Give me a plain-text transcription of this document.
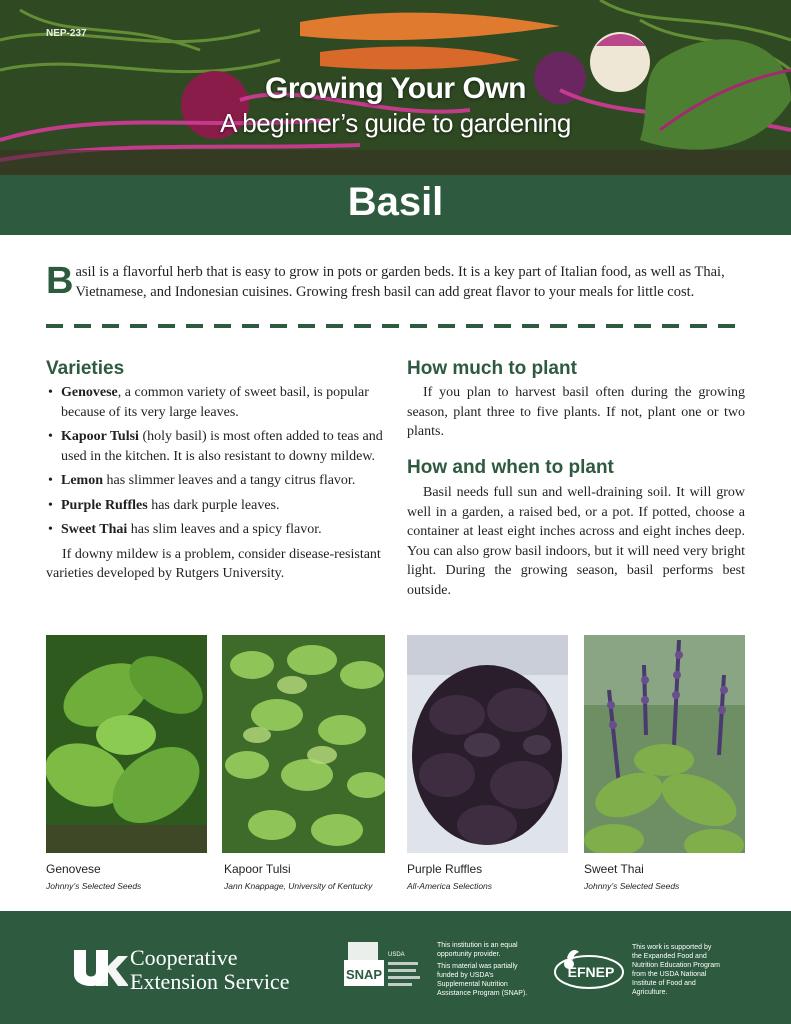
NEP-237
Growing Your Own
A beginner’s guide to gardening
Basil
Basil is a flavorful herb that is easy to grow in pots or garden beds. It is a key part of Italian food, as well as Thai, Vietnamese, and Indonesian cuisines. Growing fresh basil can add great flavor to your meals for little cost.
Varieties
• Genovese, a common variety of sweet basil, is popular because of its very large leaves.
• Kapoor Tulsi (holy basil) is most often added to teas and used in the kitchen. It is also resistant to downy mildew.
• Lemon has slimmer leaves and a tangy citrus flavor.
• Purple Ruffles has dark purple leaves.
• Sweet Thai has slim leaves and a spicy flavor.

If downy mildew is a problem, consider disease-resistant varieties developed by Rutgers University.

How much to plant

If you plan to harvest basil often during the growing season, plant three to five plants. If not, plant one or two plants.

How and when to plant

Basil needs full sun and well-draining soil. It will grow well in a garden, a raised bed, or a pot. If potted, choose a container at least eight inches across and eight inches deep. You can also grow basil indoors, but it will need very bright light. During the growing season, basil performs best outside.

Genovese
Johnny’s Selected Seeds
Kapoor Tulsi
Jann Knappage, University of Kentucky
Purple Ruffles
All-America Selections
Sweet Thai
Johnny’s Selected Seeds
Cooperative
Extension Service	SNAP
USDA
This institution is an equal opportunity provider.
This material was partially funded by USDA’s Supplemental Nutrition Assistance Program (SNAP).
EFNEP
This work is supported by the Expanded Food and Nutrition Education Program from the USDA National Institute of Food and Agriculture.
